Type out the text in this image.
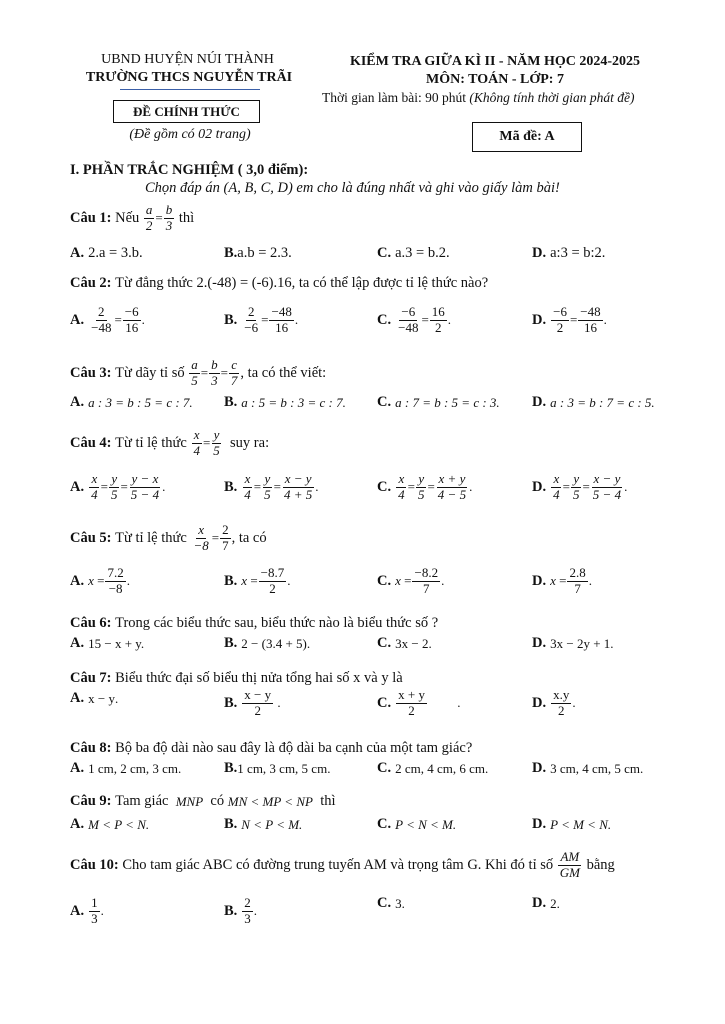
UBND HUYỆN NÚI THÀNH
TRƯỜNG THCS NGUYỄN TRÃI
ĐỀ CHÍNH THỨC
(Đề gồm có 02 trang)
KIỂM TRA GIỮA KÌ II - NĂM HỌC 2024-2025
MÔN: TOÁN - LỚP: 7
Thời gian làm bài: 90 phút (Không tính thời gian phát đề)
Mã đề: A
I. PHẦN TRẮC NGHIỆM ( 3,0 điểm):
Chọn đáp án (A, B, C, D) em cho là đúng nhất và ghi vào giấy làm bài!
Câu 1:
Nếu
$\frac{a}{2} = \frac{b}{3}$
thì
A. 2.a = 3.b.	B. a.b = 2.3.	C. a.3 = b.2.	D. a:3 = b:2.
Câu 2:
Từ đẳng thức 2.(-48) = (-6).16, ta có thể lập được tỉ lệ thức nào?
A. $\frac{2}{-48} = \frac{-6}{16}$ .	B. $\frac{2}{-6} = \frac{-48}{16}$ .	C. $\frac{-6}{-48} = \frac{16}{2}$ .	D. $\frac{-6}{2} = \frac{-48}{16}$ .
Câu 3:
Từ dãy tỉ số
$\frac{a}{5} = \frac{b}{3} = \frac{c}{7}$ , ta có thể viết:
A. a : 3 = b : 5 = c : 7. B. a : 5 = b : 3 = c : 7. C. a : 7 = b : 5 = c : 3. D. a : 3 = b : 7 = c : 5.
Câu 4:
Từ tỉ lệ thức
$\frac{x}{4} = \frac{y}{5}$
suy ra:
A. $\frac{x}{4} = \frac{y}{5} = \frac{y - x}{5 - 4}$ .	B. $\frac{x}{4} = \frac{y}{5} = \frac{x - y}{4 + 5}$ .	C. $\frac{x}{4} = \frac{y}{5} = \frac{x + y}{4 - 5}$ .	D. $\frac{x}{4} = \frac{y}{5} = \frac{x - y}{5 - 4}$ .
Câu 5:
Từ tỉ lệ thức
$\frac{x}{-8} = \frac{2}{7}$ , ta có
A. $x = \frac{7.2}{-8}$ .	B. $x = \frac{-8.7}{2}$ .	C. $x = \frac{-8.2}{7}$ .	D. $x = \frac{2.8}{7}$ .
Câu 6:
Trong các biểu thức sau, biểu thức nào là biểu thức số ?
A. 15 − x + y.	B. 2 − (3.4 + 5).	C. 3x − 2.	D. 3x − 2y + 1.
Câu 7:
Biểu thức đại số biểu thị nửa tổng hai số x và y là
A. x − y .	B. $\frac{x - y}{2}$ .	C. $\frac{x + y}{2}$ .	D. $\frac{x.y}{2}$ .
Câu 8:
Bộ ba độ dài nào sau đây là độ dài ba cạnh của một tam giác?
A. 1 cm, 2 cm, 3 cm.	B. 1 cm, 3 cm, 5 cm.	C. 2 cm, 4 cm, 6 cm.	D. 3 cm, 4 cm, 5 cm.
Câu 9:
Tam giác
MNP
có
MN < MP < NP
thì
A. M < P < N.	B. N < P < M.	C. P < N < M.	D. P < M < N.
Câu 10:
Cho tam giác ABC có đường trung tuyến AM và trọng tâm G. Khi đó tỉ số
$\frac{AM}{GM}$
bằng
A. $\frac{1}{3}$ .	B. $\frac{2}{3}$ .	C. 3.	D. 2.
